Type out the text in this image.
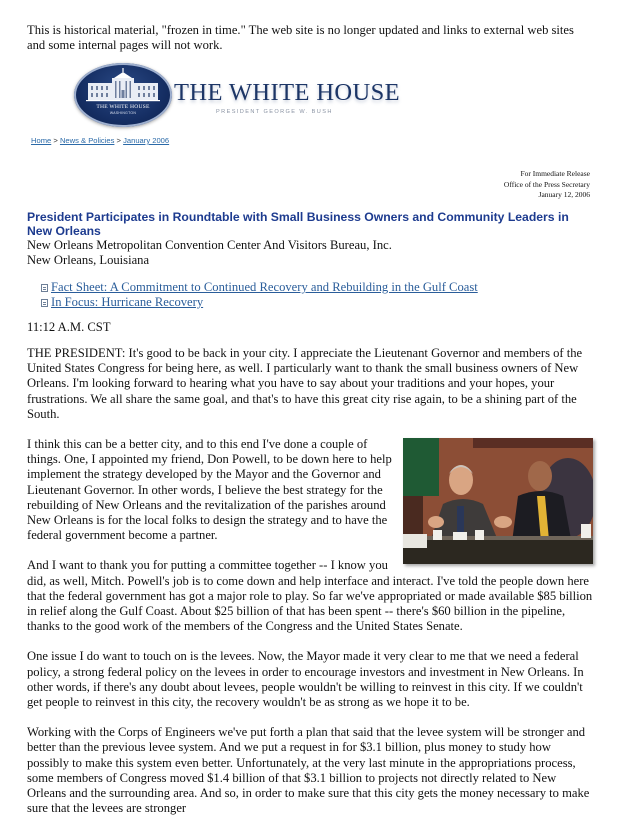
This is historical material, "frozen in time." The web site is no longer updated and links to external web sites and some internal pages will not work.

THE WHITE HOUSE
WASHINGTON
THE WHITE HOUSE
PRESIDENT GEORGE W. BUSH
Home > News & Policies > January 2006
For Immediate Release
Office of the Press Secretary
January 12, 2006
President Participates in Roundtable with Small Business Owners and Community Leaders in New Orleans
New Orleans Metropolitan Convention Center And Visitors Bureau, Inc.
New Orleans, Louisiana
Fact Sheet: A Commitment to Continued Recovery and Rebuilding in the Gulf Coast
In Focus: Hurricane Recovery
11:12 A.M. CST

THE PRESIDENT: It's good to be back in your city. I appreciate the Lieutenant Governor and members of the United States Congress for being here, as well. I particularly want to thank the small business owners of New Orleans. I'm looking forward to hearing what you have to say about your traditions and your hopes, your frustrations. We all share the same goal, and that's to have this great city rise again, to be a shining part of the South.

I think this can be a better city, and to this end I've done a couple of things. One, I appointed my friend, Don Powell, to be down here to help implement the strategy developed by the Mayor and the Governor and Lieutenant Governor. In other words, I believe the best strategy for the rebuilding of New Orleans and the revitalization of the parishes around New Orleans is for the local folks to design the strategy and to have the federal government become a partner.

And I want to thank you for putting a committee together -- I know you did, as well, Mitch. Powell's job is to come down and help interface and interact. I've told the people down here that the federal government has got a major role to play. So far we've appropriated or made available $85 billion in relief along the Gulf Coast. About $25 billion of that has been spent -- there's $60 billion in the pipeline, thanks to the good work of the members of the Congress and the United States Senate.

One issue I do want to touch on is the levees. Now, the Mayor made it very clear to me that we need a federal policy, a strong federal policy on the levees in order to encourage investors and investment in New Orleans. In other words, if there's any doubt about levees, people wouldn't be willing to reinvest in this city. If we couldn't get people to reinvest in this city, the recovery wouldn't be as strong as we hope it to be.

Working with the Corps of Engineers we've put forth a plan that said that the levee system will be stronger and better than the previous levee system. And we put a request in for $3.1 billion, plus money to study how possibly to make this system even better. Unfortunately, at the very last minute in the appropriations process, some members of Congress moved $1.4 billion of that $3.1 billion to projects not directly related to New Orleans and the surrounding area. And so, in order to make sure that this city gets the money necessary to make sure that the levees are stronger
